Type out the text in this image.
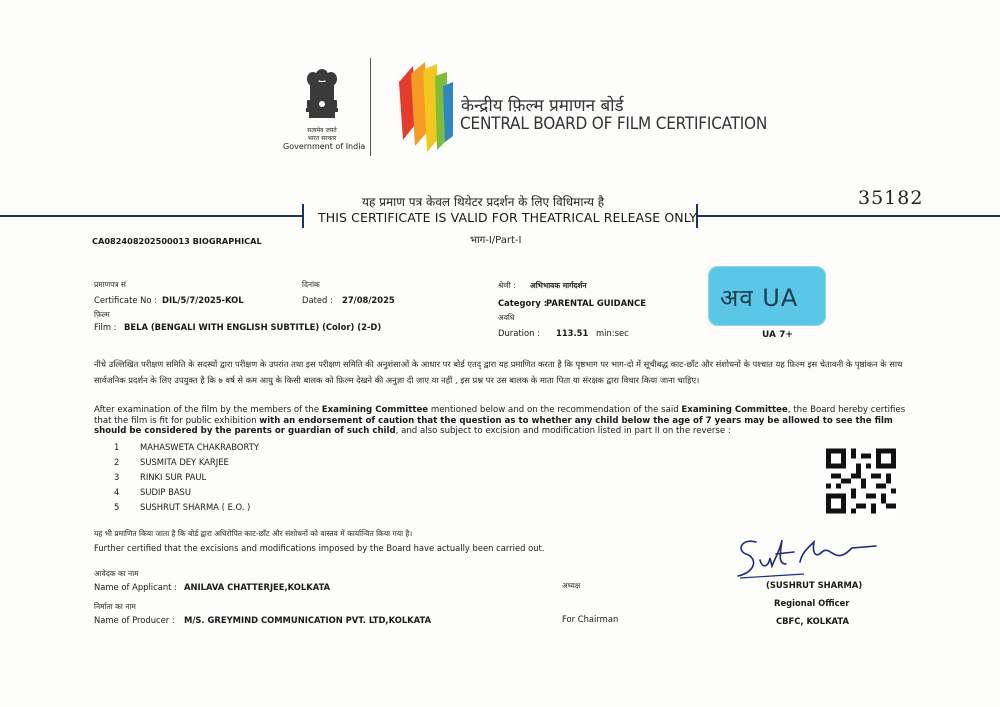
सत्यमेव जयते
भारत सरकार
Government of India
केन्द्रीय फ़िल्म प्रमाणन बोर्ड
CENTRAL BOARD OF FILM CERTIFICATION
यह प्रमाण पत्र केवल थियेटर प्रदर्शन के लिए विधिमान्य है
THIS CERTIFICATE IS VALID FOR THEATRICAL RELEASE ONLY
भाग-I/Part-I
35182
CA082408202500013 BIOGRAPHICAL
प्रमाणपत्र सं
Certificate No : DIL/5/7/2025-KOL
दिनांक
Dated : 27/08/2025
फ़िल्म
Film : BELA (BENGALI WITH ENGLISH SUBTITLE) (Color) (2-D)
श्रेणी : अभिभावक मार्गदर्शन
Category :
PARENTAL GUIDANCE
अवधि
Duration : 113.51 min:sec
अव UA
UA 7+
नीचे उल्लिखित परीक्षण समिति के सदस्यों द्वारा परीक्षण के उपरांत तथा इस परीक्षण समिति की अनुशंसाओं के आधार पर बोर्ड एतद् द्वारा यह प्रमाणित करता है कि पृष्ठभाग पर भाग-दो में सूचीबद्ध काट-छाँट और संशोधनों के पश्चात यह फ़िल्म इस चेतावनी के पृष्ठांकन के साथ सार्वजनिक प्रदर्शन के लिए उपयुक्त है कि ७ वर्ष से कम आयु के किसी बालक को फ़िल्म देखने की अनुज्ञा दी जाए या नहीं , इस प्रश्न पर उस बालक के माता पिता या संरक्षक द्वारा विचार किया जाना चाहिए।
After examination of the film by the members of the Examining Committee mentioned below and on the recommendation of the said Examining Committee, the Board hereby certifies that the film is fit for public exhibition with an endorsement of caution that the question as to whether any child below the age of 7 years may be allowed to see the film should be considered by the parents or guardian of such child, and also subject to excision and modification listed in part II on the reverse :
1 MAHASWETA CHAKRABORTY
2 SUSMITA DEY KARJEE
3 RINKI SUR PAUL
4 SUDIP BASU
5 SUSHRUT SHARMA ( E.O. )
यह भी प्रमाणित किया जाता है कि बोर्ड द्वारा अधिरोपित काट-छाँट और संशोधनों को वास्तव में कार्यान्वित किया गया है।
Further certified that the excisions and modifications imposed by the Board have actually been carried out.
आवेदक का नाम
Name of Applicant : ANILAVA CHATTERJEE,KOLKATA
निर्माता का नाम
Name of Producer : M/S. GREYMIND COMMUNICATION PVT. LTD,KOLKATA
अध्यक्ष
For Chairman
(SUSHRUT SHARMA)
Regional Officer
CBFC, KOLKATA
